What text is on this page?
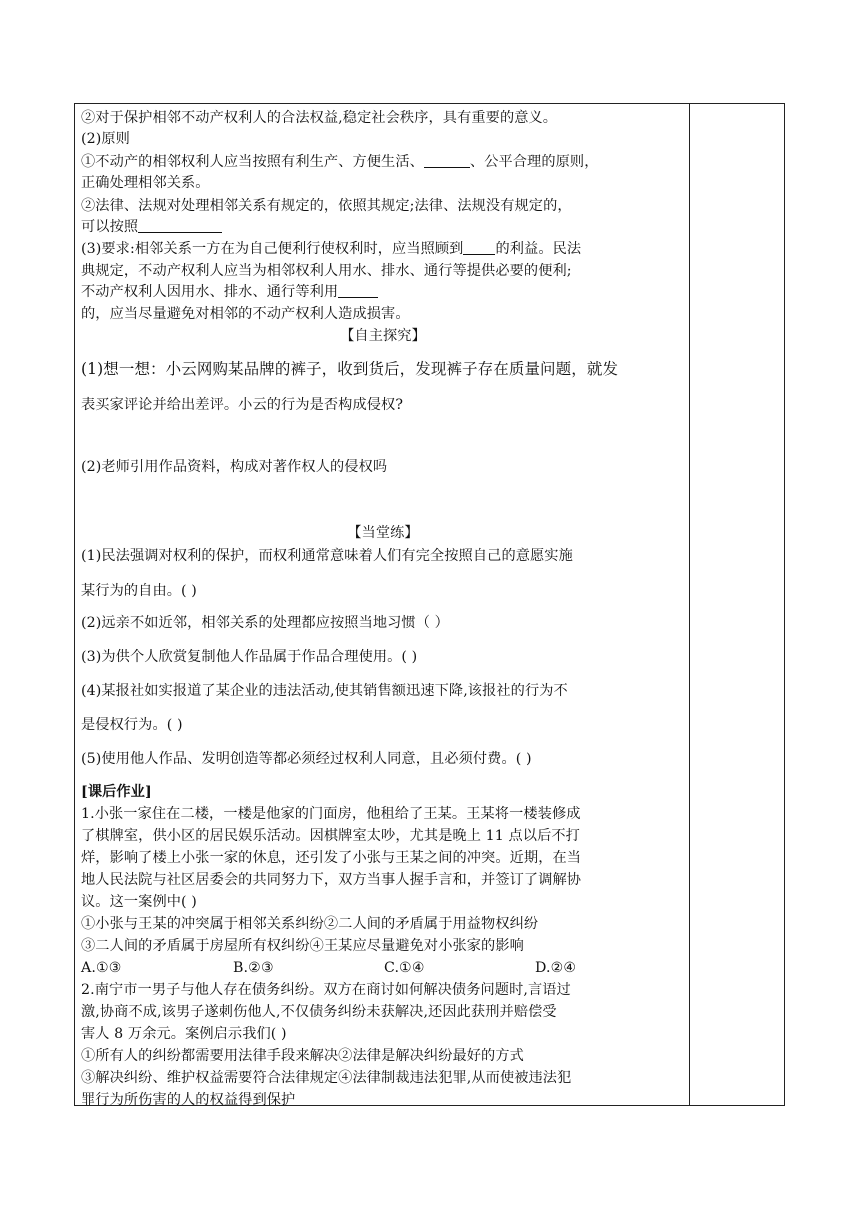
②对于保护相邻不动产权利人的合法权益,稳定社会秩序，具有重要的意义。
(2)原则
①不动产的相邻权利人应当按照有利生产、方便生活、	、公平合理的原则，
正确处理相邻关系。
②法律、法规对处理相邻关系有规定的，依照其规定;法律、法规没有规定的，
可以按照
(3)要求:相邻关系一方在为自己便利行使权利时，应当照顾到 的利益。民法
典规定，不动产权利人应当为相邻权利人用水、排水、通行等提供必要的便利;
不动产权利人因用水、排水、通行等利用
的，应当尽量避免对相邻的不动产权利人造成损害。
【自主探究】
(1)想一想：小云网购某品牌的裤子，收到货后，发现裤子存在质量问题，就发
表买家评论并给出差评。小云的行为是否构成侵权?
(2)老师引用作品资料，构成对著作权人的侵权吗
【当堂练】
(1)民法强调对权利的保护，而权利通常意味着人们有完全按照自己的意愿实施
某行为的自由。( )
(2)远亲不如近邻，相邻关系的处理都应按照当地习惯（ ）
(3)为供个人欣赏复制他人作品属于作品合理使用。( )
(4)某报社如实报道了某企业的违法活动,使其销售额迅速下降,该报社的行为不
是侵权行为。( )
(5)使用他人作品、发明创造等都必须经过权利人同意，且必须付费。( )
[课后作业]
1.小张一家住在二楼，一楼是他家的门面房，他租给了王某。王某将一楼装修成
了棋牌室，供小区的居民娱乐活动。因棋牌室太吵，尤其是晚上 11 点以后不打
烊，影响了楼上小张一家的休息，还引发了小张与王某之间的冲突。近期，在当
地人民法院与社区居委会的共同努力下，双方当事人握手言和，并签订了调解协
议。这一案例中( )
①小张与王某的冲突属于相邻关系纠纷②二人间的矛盾属于用益物权纠纷
③二人间的矛盾属于房屋所有权纠纷④王某应尽量避免对小张家的影响
A.①③	B.②③	C.①④	D.②④
2.南宁市一男子与他人存在债务纠纷。双方在商讨如何解决债务问题时,言语过
激,协商不成,该男子遂刺伤他人,不仅债务纠纷未获解决,还因此获刑并赔偿受
害人 8 万余元。案例启示我们( )
①所有人的纠纷都需要用法律手段来解决②法律是解决纠纷最好的方式
③解决纠纷、维护权益需要符合法律规定④法律制裁违法犯罪,从而使被违法犯
罪行为所伤害的人的权益得到保护
